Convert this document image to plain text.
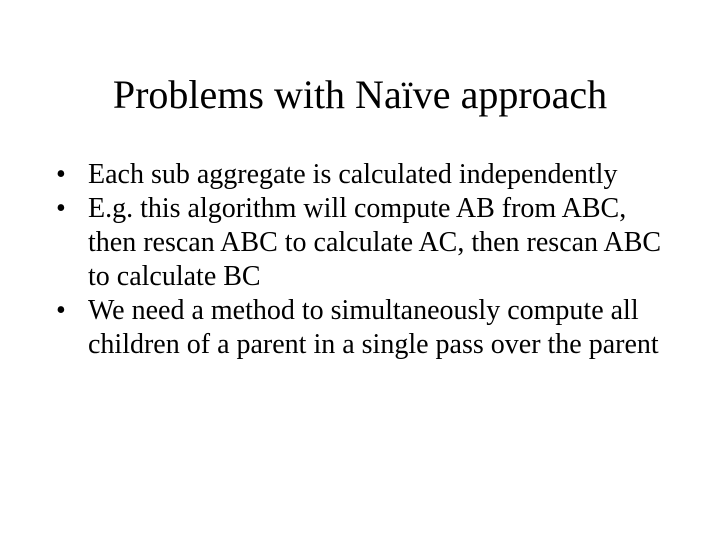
Problems with Naïve approach
• Each sub aggregate is calculated independently
• E.g. this algorithm will compute AB from ABC, then rescan ABC to calculate AC, then rescan ABC to calculate BC
• We need a method to simultaneously compute all children of a parent in a single pass over the parent
